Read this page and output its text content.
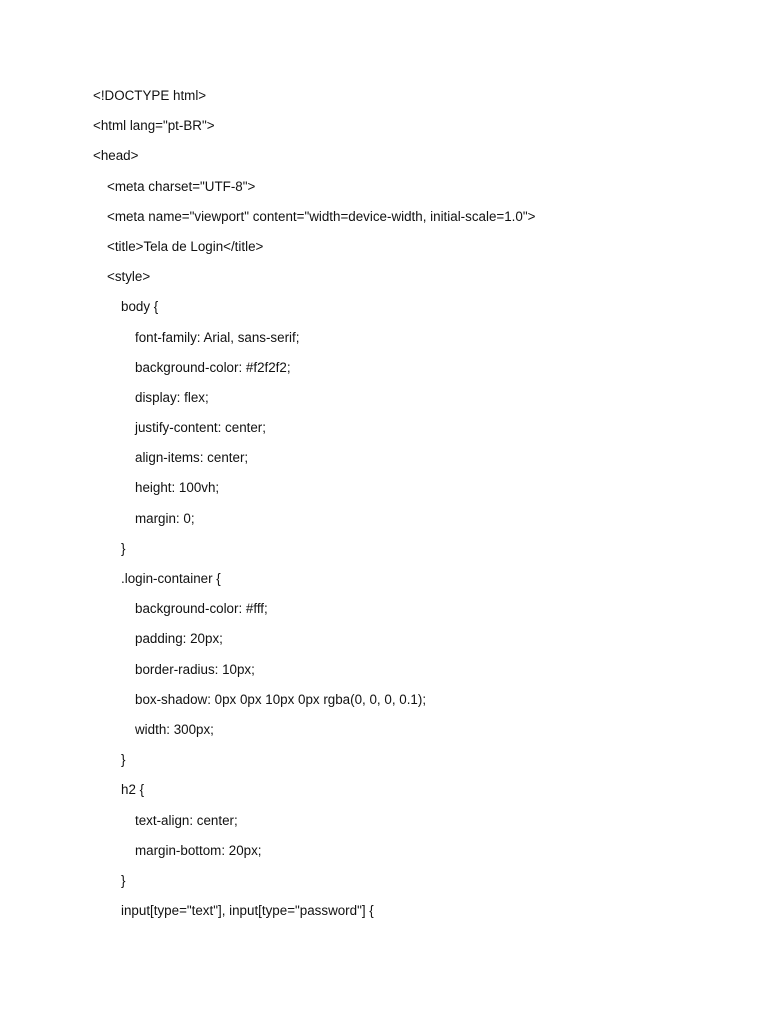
<!DOCTYPE html>
<html lang="pt-BR">
<head>
<meta charset="UTF-8">
<meta name="viewport" content="width=device-width, initial-scale=1.0">
<title>Tela de Login</title>
<style>
body {
font-family: Arial, sans-serif;
background-color: #f2f2f2;
display: flex;
justify-content: center;
align-items: center;
height: 100vh;
margin: 0;
}
.login-container {
background-color: #fff;
padding: 20px;
border-radius: 10px;
box-shadow: 0px 0px 10px 0px rgba(0, 0, 0, 0.1);
width: 300px;
}
h2 {
text-align: center;
margin-bottom: 20px;
}
input[type="text"], input[type="password"] {
